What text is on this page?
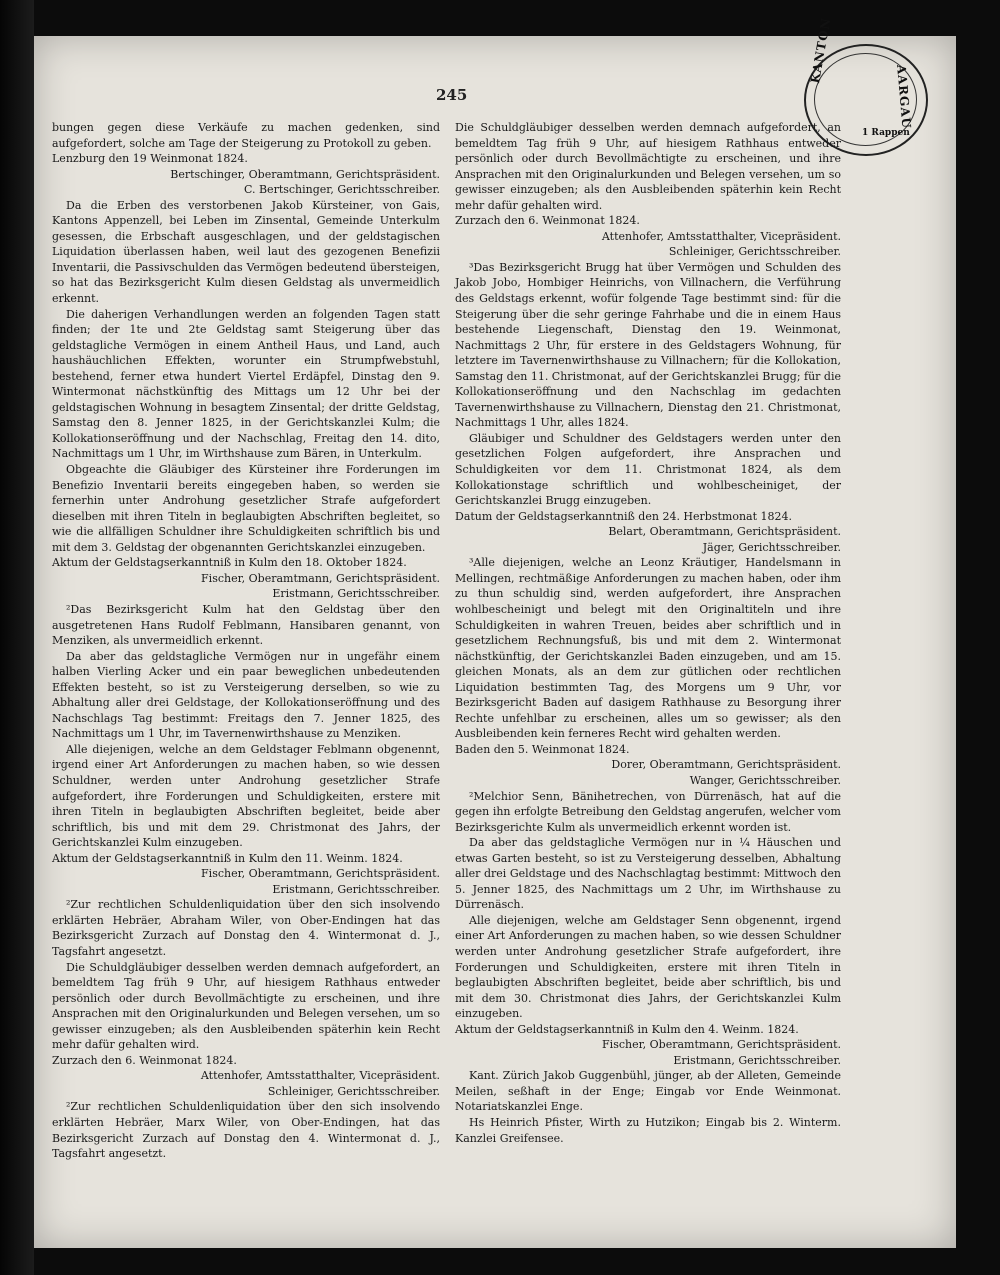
KANTON
AARGAU
1 Rappen
245

bungen gegen diese Verkäufe zu machen gedenken, sind aufgefordert, solche am Tage der Steigerung zu Protokoll zu geben.

Lenzburg den 19 Weinmonat 1824.

Bertschinger, Oberamtmann, Gerichtspräsident.

C. Bertschinger, Gerichtsschreiber.

Da die Erben des verstorbenen Jakob Kürsteiner, von Gais, Kantons Appenzell, bei Leben im Zinsental, Gemeinde Unterkulm gesessen, die Erbschaft ausgeschlagen, und der geldstagischen Liquidation überlassen haben, weil laut des gezogenen Benefizii Inventarii, die Passivschulden das Vermögen bedeutend übersteigen, so hat das Bezirksgericht Kulm diesen Geldstag als unvermeidlich erkennt.

Die daherigen Verhandlungen werden an folgenden Tagen statt finden; der 1te und 2te Geldstag samt Steigerung über das geldstagliche Vermögen in einem Antheil Haus, und Land, auch haushäuchlichen Effekten, worunter ein Strumpfwebstuhl, bestehend, ferner etwa hundert Viertel Erdäpfel, Dinstag den 9. Wintermonat nächstkünftig des Mittags um 12 Uhr bei der geldstagischen Wohnung in besagtem Zinsental; der dritte Geldstag, Samstag den 8. Jenner 1825, in der Gerichtskanzlei Kulm; die Kollokationseröffnung und der Nachschlag, Freitag den 14. dito, Nachmittags um 1 Uhr, im Wirthshause zum Bären, in Unterkulm.

Obgeachte die Gläubiger des Kürsteiner ihre Forderungen im Benefizio Inventarii bereits eingegeben haben, so werden sie fernerhin unter Androhung gesetzlicher Strafe aufgefordert dieselben mit ihren Titeln in beglaubigten Abschriften begleitet, so wie die allfälligen Schuldner ihre Schuldigkeiten schriftlich bis und mit dem 3. Geldstag der obgenannten Gerichtskanzlei einzugeben.

Aktum der Geldstagserkanntniß in Kulm den 18. Oktober 1824.

Fischer, Oberamtmann, Gerichtspräsident.

Eristmann, Gerichtsschreiber.

²Das Bezirksgericht Kulm hat den Geldstag über den ausgetretenen Hans Rudolf Feblmann, Hansibaren genannt, von Menziken, als unvermeidlich erkennt.

Da aber das geldstagliche Vermögen nur in ungefähr einem halben Vierling Acker und ein paar beweglichen unbedeutenden Effekten besteht, so ist zu Versteigerung derselben, so wie zu Abhaltung aller drei Geldstage, der Kollokationseröffnung und des Nachschlags Tag bestimmt: Freitags den 7. Jenner 1825, des Nachmittags um 1 Uhr, im Tavernenwirthshause zu Menziken.

Alle diejenigen, welche an dem Geldstager Feblmann obgenennt, irgend einer Art Anforderungen zu machen haben, so wie dessen Schuldner, werden unter Androhung gesetzlicher Strafe aufgefordert, ihre Forderungen und Schuldigkeiten, erstere mit ihren Titeln in beglaubigten Abschriften begleitet, beide aber schriftlich, bis und mit dem 29. Christmonat des Jahrs, der Gerichtskanzlei Kulm einzugeben.

Aktum der Geldstagserkanntniß in Kulm den 11. Weinm. 1824.

Fischer, Oberamtmann, Gerichtspräsident.

Eristmann, Gerichtsschreiber.

²Zur rechtlichen Schuldenliquidation über den sich insolvendo erklärten Hebräer, Abraham Wiler, von Ober-Endingen hat das Bezirksgericht Zurzach auf Donstag den 4. Wintermonat d. J., Tagsfahrt angesetzt.

Die Schuldgläubiger desselben werden demnach aufgefordert, an bemeldtem Tag früh 9 Uhr, auf hiesigem Rathhaus entweder persönlich oder durch Bevollmächtigte zu erscheinen, und ihre Ansprachen mit den Originalurkunden und Belegen versehen, um so gewisser einzugeben; als den Ausbleibenden späterhin kein Recht mehr dafür gehalten wird.

Zurzach den 6. Weinmonat 1824.

Attenhofer, Amtsstatthalter, Vicepräsident.

Schleiniger, Gerichtsschreiber.

²Zur rechtlichen Schuldenliquidation über den sich insolvendo erklärten Hebräer, Marx Wiler, von Ober-Endingen, hat das Bezirksgericht Zurzach auf Donstag den 4. Wintermonat d. J., Tagsfahrt angesetzt.

Die Schuldgläubiger desselben werden demnach aufgefordert, an bemeldtem Tag früh 9 Uhr, auf hiesigem Rathhaus entweder persönlich oder durch Bevollmächtigte zu erscheinen, und ihre Ansprachen mit den Originalurkunden und Belegen versehen, um so gewisser einzugeben; als den Ausbleibenden späterhin kein Recht mehr dafür gehalten wird.

Zurzach den 6. Weinmonat 1824.

Attenhofer, Amtsstatthalter, Vicepräsident.

Schleiniger, Gerichtsschreiber.

³Das Bezirksgericht Brugg hat über Vermögen und Schulden des Jakob Jobo, Hombiger Heinrichs, von Villnachern, die Verführung des Geldstags erkennt, wofür folgende Tage bestimmt sind: für die Steigerung über die sehr geringe Fahrhabe und die in einem Haus bestehende Liegenschaft, Dienstag den 19. Weinmonat, Nachmittags 2 Uhr, für erstere in des Geldstagers Wohnung, für letztere im Tavernenwirthshause zu Villnachern; für die Kollokation, Samstag den 11. Christmonat, auf der Gerichtskanzlei Brugg; für die Kollokationseröffnung und den Nachschlag im gedachten Tavernenwirthshause zu Villnachern, Dienstag den 21. Christmonat, Nachmittags 1 Uhr, alles 1824.

Gläubiger und Schuldner des Geldstagers werden unter den gesetzlichen Folgen aufgefordert, ihre Ansprachen und Schuldigkeiten vor dem 11. Christmonat 1824, als dem Kollokationstage schriftlich und wohlbescheiniget, der Gerichtskanzlei Brugg einzugeben.

Datum der Geldstagserkanntniß den 24. Herbstmonat 1824.

Belart, Oberamtmann, Gerichtspräsident.

Jäger, Gerichtsschreiber.

³Alle diejenigen, welche an Leonz Kräutiger, Handelsmann in Mellingen, rechtmäßige Anforderungen zu machen haben, oder ihm zu thun schuldig sind, werden aufgefordert, ihre Ansprachen wohlbescheinigt und belegt mit den Originaltiteln und ihre Schuldigkeiten in wahren Treuen, beides aber schriftlich und in gesetzlichem Rechnungsfuß, bis und mit dem 2. Wintermonat nächstkünftig, der Gerichtskanzlei Baden einzugeben, und am 15. gleichen Monats, als an dem zur gütlichen oder rechtlichen Liquidation bestimmten Tag, des Morgens um 9 Uhr, vor Bezirksgericht Baden auf dasigem Rathhause zu Besorgung ihrer Rechte unfehlbar zu erscheinen, alles um so gewisser; als den Ausbleibenden kein ferneres Recht wird gehalten werden.

Baden den 5. Weinmonat 1824.

Dorer, Oberamtmann, Gerichtspräsident.

Wanger, Gerichtsschreiber.

²Melchior Senn, Bänihetrechen, von Dürrenäsch, hat auf die gegen ihn erfolgte Betreibung den Geldstag angerufen, welcher vom Bezirksgerichte Kulm als unvermeidlich erkennt worden ist.

Da aber das geldstagliche Vermögen nur in ¼ Häuschen und etwas Garten besteht, so ist zu Versteigerung desselben, Abhaltung aller drei Geldstage und des Nachschlagtag bestimmt: Mittwoch den 5. Jenner 1825, des Nachmittags um 2 Uhr, im Wirthshause zu Dürrenäsch.

Alle diejenigen, welche am Geldstager Senn obgenennt, irgend einer Art Anforderungen zu machen haben, so wie dessen Schuldner werden unter Androhung gesetzlicher Strafe aufgefordert, ihre Forderungen und Schuldigkeiten, erstere mit ihren Titeln in beglaubigten Abschriften begleitet, beide aber schriftlich, bis und mit dem 30. Christmonat dies Jahrs, der Gerichtskanzlei Kulm einzugeben.

Aktum der Geldstagserkanntniß in Kulm den 4. Weinm. 1824.

Fischer, Oberamtmann, Gerichtspräsident.

Eristmann, Gerichtsschreiber.

Kant. Zürich Jakob Guggenbühl, jünger, ab der Alleten, Gemeinde Meilen, seßhaft in der Enge; Eingab vor Ende Weinmonat. Notariatskanzlei Enge.

Hs Heinrich Pfister, Wirth zu Hutzikon; Eingab bis 2. Winterm. Kanzlei Greifensee.
